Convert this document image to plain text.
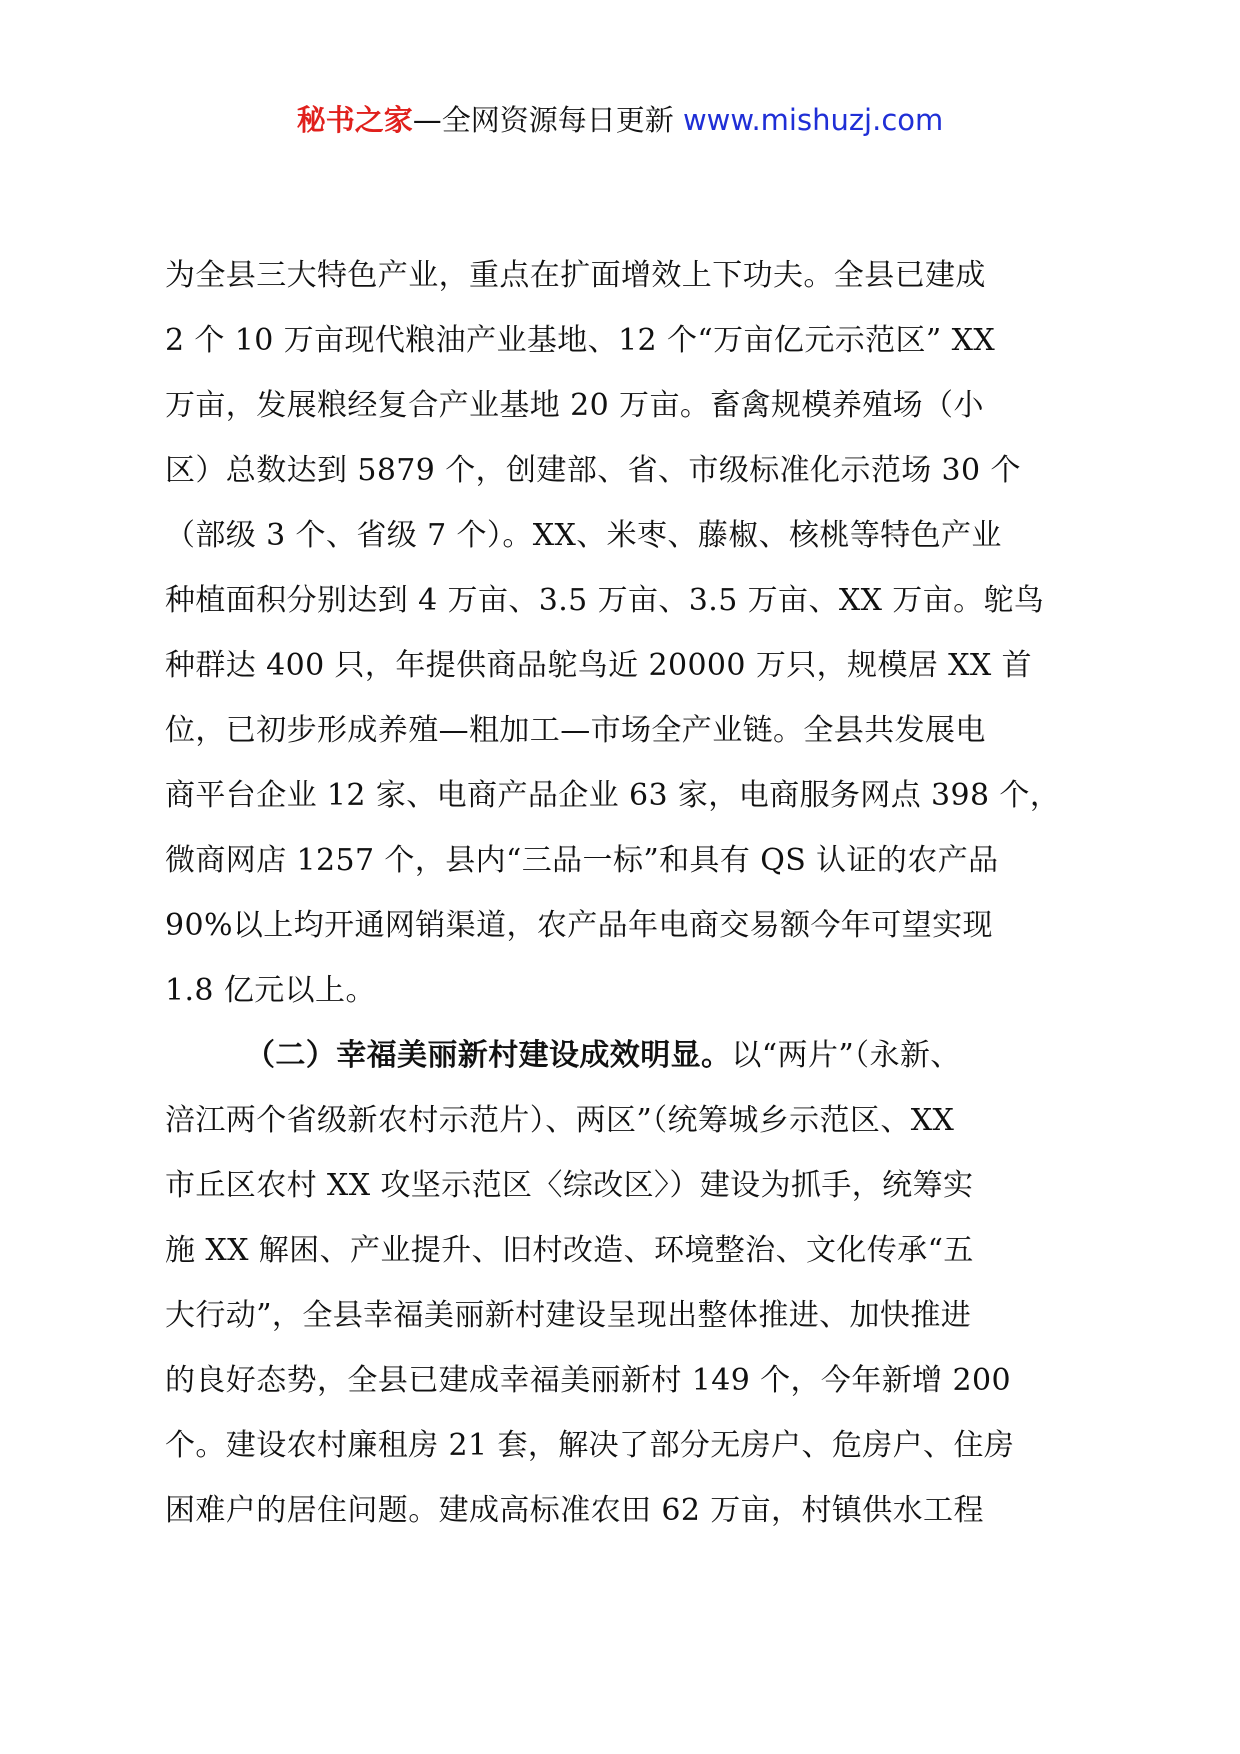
秘书之家—全网资源每日更新 www.mishuzj.com
为全县三大特色产业，重点在扩面增效上下功夫。全县已建成
2 个 10 万亩现代粮油产业基地、12 个“万亩亿元示范区” XX
万亩，发展粮经复合产业基地 20 万亩。畜禽规模养殖场（小
区）总数达到 5879 个，创建部、省、市级标准化示范场 30 个
（部级 3 个、省级 7 个）。XX、米枣、藤椒、核桃等特色产业
种植面积分别达到 4 万亩、3.5 万亩、3.5 万亩、XX 万亩。鸵鸟
种群达 400 只，年提供商品鸵鸟近 20000 万只，规模居 XX 首
位，已初步形成养殖—粗加工—市场全产业链。全县共发展电
商平台企业 12 家、电商产品企业 63 家，电商服务网点 398 个，
微商网店 1257 个，县内“三品一标”和具有 QS 认证的农产品
90%以上均开通网销渠道，农产品年电商交易额今年可望实现
1.8 亿元以上。
（二）幸福美丽新村建设成效明显。以“两片”（永新、
涪江两个省级新农村示范片）、两区”（统筹城乡示范区、XX
市丘区农村 XX 攻坚示范区〈综改区〉）建设为抓手，统筹实
施 XX 解困、产业提升、旧村改造、环境整治、文化传承“五
大行动”，全县幸福美丽新村建设呈现出整体推进、加快推进
的良好态势，全县已建成幸福美丽新村 149 个，今年新增 200
个。建设农村廉租房 21 套，解决了部分无房户、危房户、住房
困难户的居住问题。建成高标准农田 62 万亩，村镇供水工程
